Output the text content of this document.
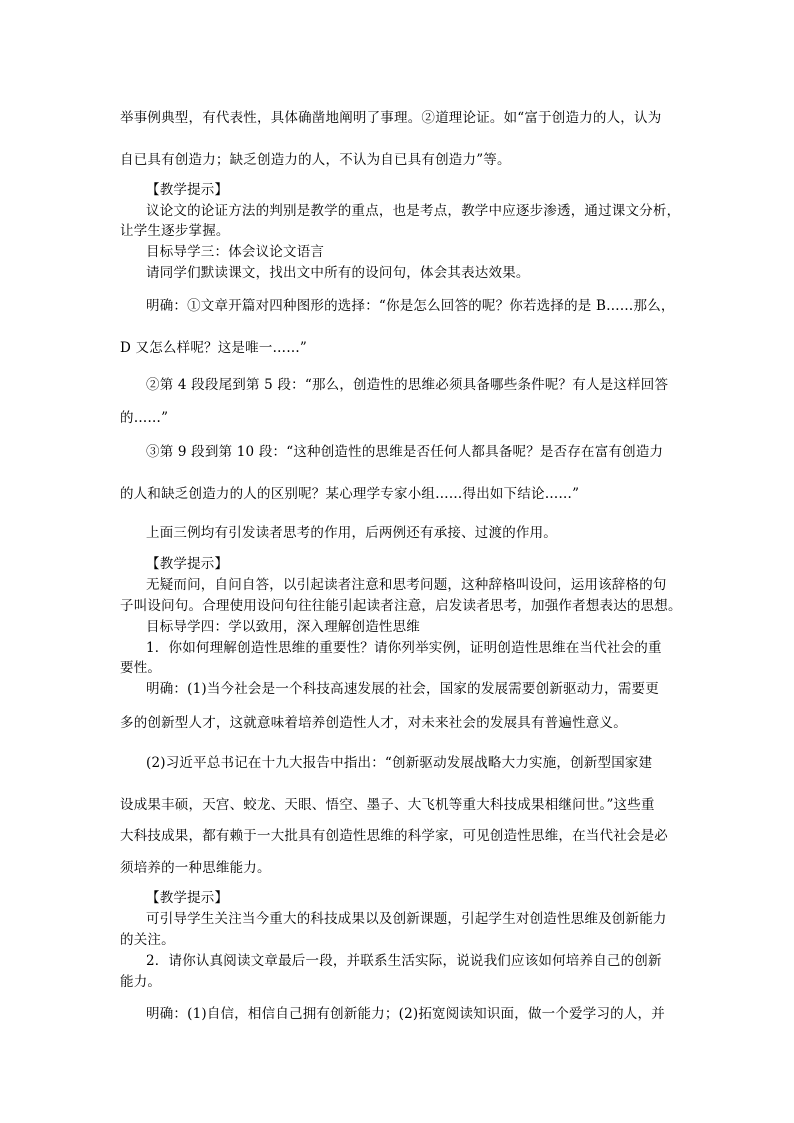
举事例典型，有代表性，具体确凿地阐明了事理。②道理论证。如“富于创造力的人，认为
自已具有创造力；缺乏创造力的人，不认为自已具有创造力”等。
【教学提示】
议论文的论证方法的判别是教学的重点，也是考点，教学中应逐步渗透，通过课文分析，
让学生逐步掌握。
目标导学三：体会议论文语言
请同学们默读课文，找出文中所有的设问句，体会其表达效果。
明确：①文章开篇对四种图形的选择：“你是怎么回答的呢？你若选择的是 B……那么，
D 又怎么样呢？这是唯一……”
②第 4 段段尾到第 5 段：“那么，创造性的思维必须具备哪些条件呢？有人是这样回答
的……”
③第 9 段到第 10 段：“这种创造性的思维是否任何人都具备呢？是否存在富有创造力
的人和缺乏创造力的人的区别呢？某心理学专家小组……得出如下结论……”
上面三例均有引发读者思考的作用，后两例还有承接、过渡的作用。
【教学提示】
无疑而问，自问自答，以引起读者注意和思考问题，这种辞格叫设问，运用该辞格的句
子叫设问句。合理使用设问句往往能引起读者注意，启发读者思考，加强作者想表达的思想。
目标导学四：学以致用，深入理解创造性思维
1．你如何理解创造性思维的重要性？请你列举实例，证明创造性思维在当代社会的重
要性。
明确：(1)当今社会是一个科技高速发展的社会，国家的发展需要创新驱动力，需要更
多的创新型人才，这就意味着培养创造性人才，对未来社会的发展具有普遍性意义。
(2)习近平总书记在十九大报告中指出：“创新驱动发展战略大力实施，创新型国家建
设成果丰硕，天宫、蛟龙、天眼、悟空、墨子、大飞机等重大科技成果相继问世。”这些重
大科技成果，都有赖于一大批具有创造性思维的科学家，可见创造性思维，在当代社会是必
须培养的一种思维能力。
【教学提示】
可引导学生关注当今重大的科技成果以及创新课题，引起学生对创造性思维及创新能力
的关注。
2．请你认真阅读文章最后一段，并联系生活实际，说说我们应该如何培养自己的创新
能力。
明确：(1)自信，相信自己拥有创新能力；(2)拓宽阅读知识面，做一个爱学习的人，并
